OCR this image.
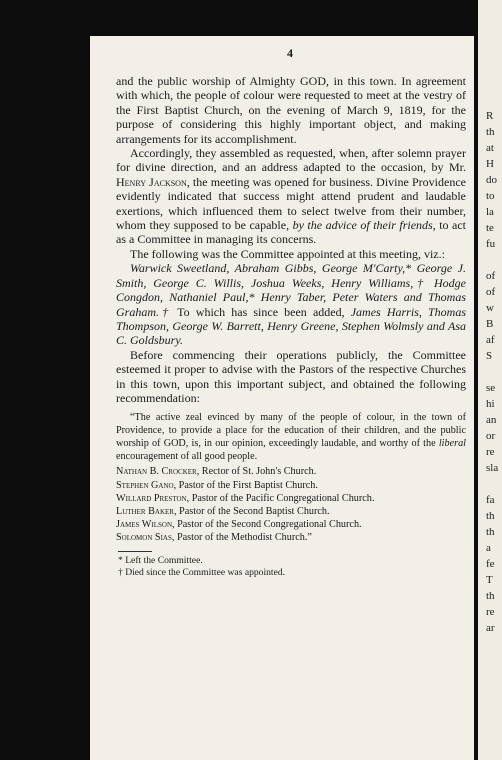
4

and the public worship of Almighty GOD, in this town. In agreement with which, the people of colour were requested to meet at the vestry of the First Baptist Church, on the evening of March 9, 1819, for the purpose of considering this highly important object, and making arrangements for its accomplishment.

Accordingly, they assembled as requested, when, after solemn prayer for divine direction, and an address adapted to the occasion, by Mr. Henry Jackson, the meeting was opened for business. Divine Providence evidently indicated that success might attend prudent and laudable exertions, which influenced them to select twelve from their number, whom they supposed to be capable, by the advice of their friends, to act as a Committee in managing its concerns.

The following was the Committee appointed at this meeting, viz.:

Warwick Sweetland, Abraham Gibbs, George M'Carty,* George J. Smith, George C. Willis, Joshua Weeks, Henry Williams,† Hodge Congdon, Nathaniel Paul,* Henry Taber, Peter Waters and Thomas Graham.† To which has since been added, James Harris, Thomas Thompson, George W. Barrett, Henry Greene, Stephen Wolmsly and Asa C. Goldsbury.

Before commencing their operations publicly, the Committee esteemed it proper to advise with the Pastors of the respective Churches in this town, upon this important subject, and obtained the following recommendation:

“The active zeal evinced by many of the people of colour, in the town of Providence, to provide a place for the education of their children, and the public worship of GOD, is, in our opinion, exceedingly laudable, and worthy of the liberal encouragement of all good people.

Nathan B. Crocker, Rector of St. John's Church.
Stephen Gano, Pastor of the First Baptist Church.
Willard Preston, Pastor of the Pacific Congregational Church.
Luther Baker, Pastor of the Second Baptist Church.
James Wilson, Pastor of the Second Congregational Church.
Solomon Sias, Pastor of the Methodist Church.”
* Left the Committee.
† Died since the Committee was appointed.
R
th
at
H
do
to
la
te
fu
of
of
w
B
af
S
se
hi
an
or
re
sla
fa
th
th
a
fe
T
th
re
ar
